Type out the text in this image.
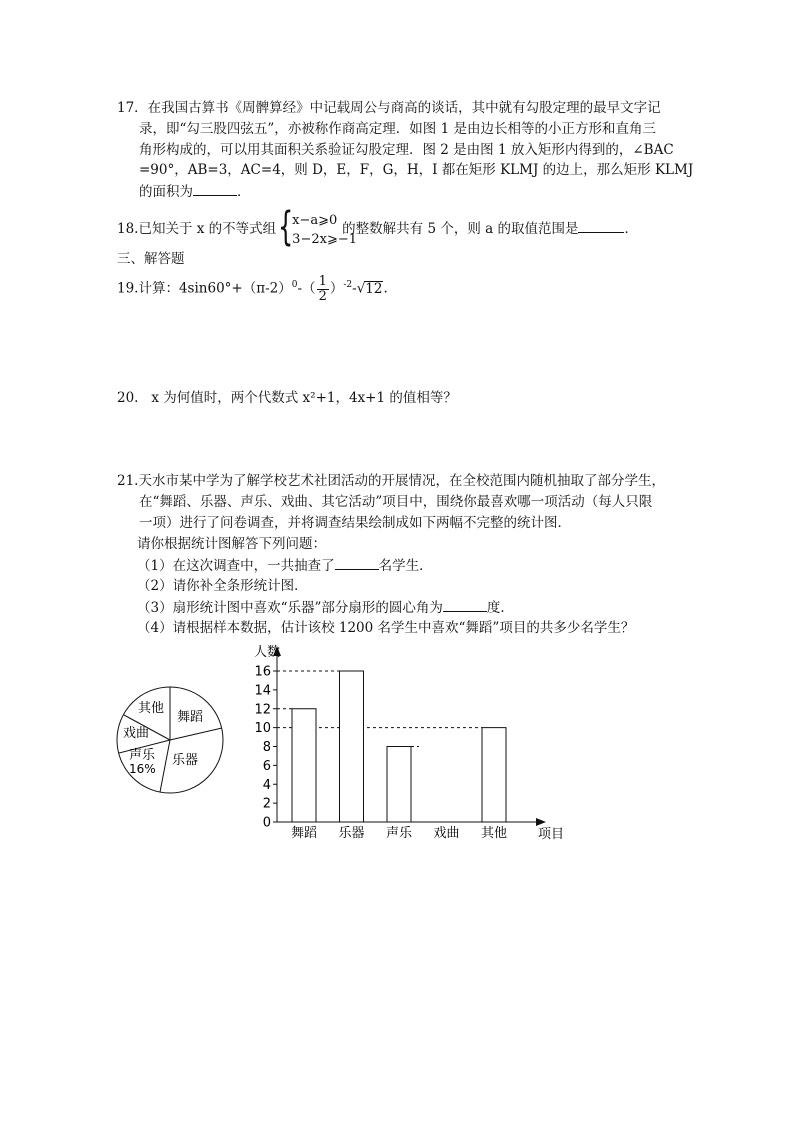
17．在我国古算书《周髀算经》中记载周公与商高的谈话，其中就有勾股定理的最早文字记
录，即“勾三股四弦五”，亦被称作商高定理．如图 1 是由边长相等的小正方形和直角三
角形构成的，可以用其面积关系验证勾股定理．图 2 是由图 1 放入矩形内得到的，∠BAC
=90°，AB=3，AC=4，则 D，E，F，G，H，I 都在矩形 KLMJ 的边上，那么矩形 KLMJ
的面积为	．
18.已知关于 x 的不等式组 {
x−a⩾0
3−2x⩾−1
的整数解共有 5 个，则 a 的取值范围是	．
三、解答题
19.计算：$4\sin 60^\circ+(\pi-2)^0-( \frac{1}{2} )^{-2}-√12$.
20.   x 为何值时，两个代数式 x²+1，4x+1 的值相等？
21.天水市某中学为了解学校艺术社团活动的开展情况，在全校范围内随机抽取了部分学生，
在“舞蹈、乐器、声乐、戏曲、其它活动”项目中，围绕你最喜欢哪一项活动（每人只限
一项）进行了问卷调查，并将调查结果绘制成如下两幅不完整的统计图．
请你根据统计图解答下列问题：
（1）在这次调查中，一共抽查了	名学生．
（2）请你补全条形统计图．
（3）扇形统计图中喜欢“乐器”部分扇形的圆心角为	度．
（4）请根据样本数据，估计该校 1200 名学生中喜欢“舞蹈”项目的共多少名学生？
其他
舞蹈
戏曲
声乐
16%
乐器
0
2
4
6
8
10
12
14
16
舞蹈 乐器 声乐 戏曲 其他
人数
项目
